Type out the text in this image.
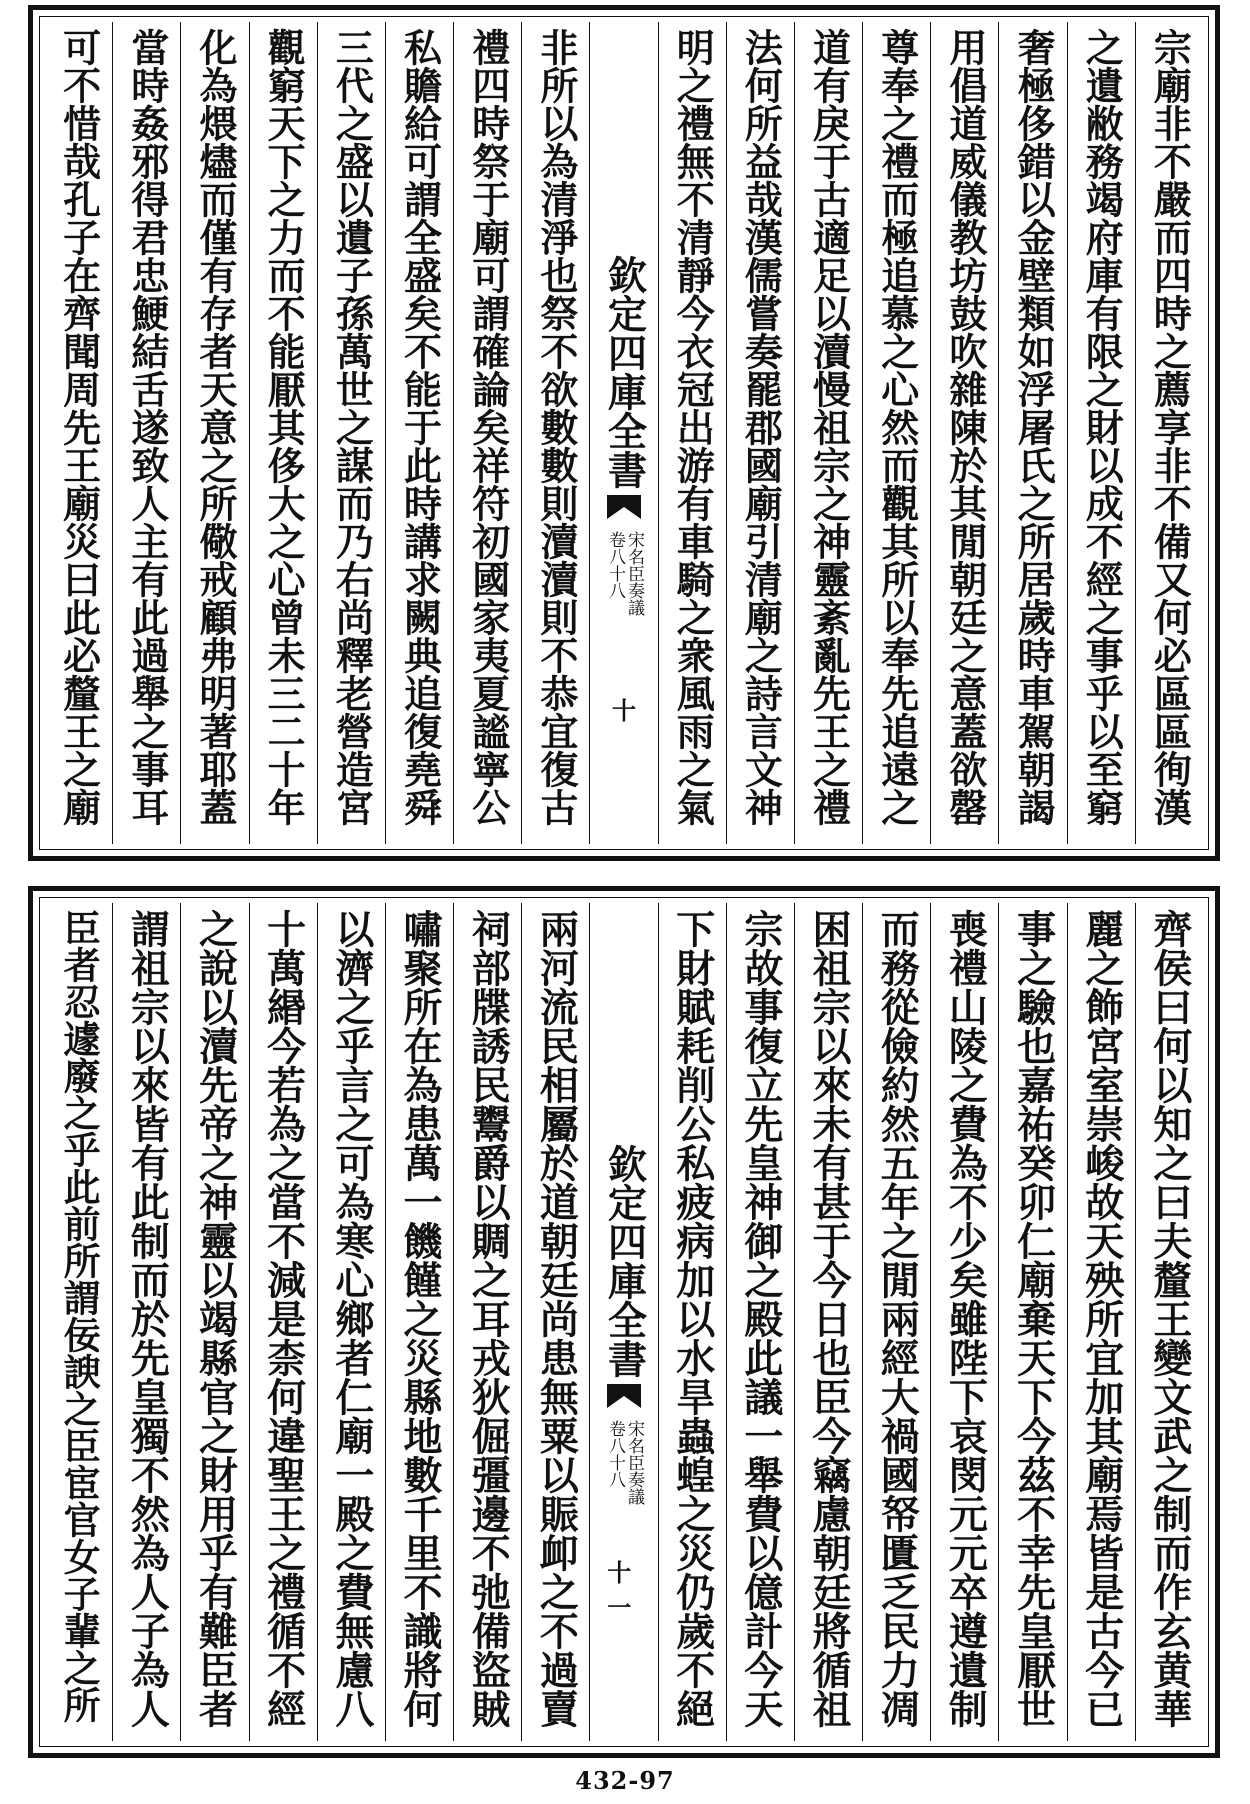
宗廟非不嚴而四時之薦享非不備又何必區區徇漢
之遺敝務竭府庫有限之財以成不經之事乎以至窮
奢極侈錯以金壁類如浮屠氏之所居歲時車駕朝謁
用倡道威儀教坊鼓吹雜陳於其閒朝廷之意蓋欲罄
尊奉之禮而極追慕之心然而觀其所以奉先追遠之
道有戾于古適足以瀆慢祖宗之神靈紊亂先王之禮
法何所益哉漢儒嘗奏罷郡國廟引清廟之詩言文神
明之禮無不清靜今衣冠出游有車騎之衆風雨之氣
欽定四庫全書
宋名臣奏議
卷八十八
十
非所以為清淨也祭不欲數數則瀆瀆則不恭宜復古
禮四時祭于廟可謂確論矣祥符初國家夷夏謐寧公
私贍給可謂全盛矣不能于此時講求闕典追復堯舜
三代之盛以遺子孫萬世之謀而乃右尚釋老營造宮
觀窮天下之力而不能厭其侈大之心曾未三二十年
化為煨燼而僅有存者天意之所儆戒顧弗明著耶蓋
當時姦邪得君忠鯁結舌遂致人主有此過舉之事耳
可不惜哉孔子在齊聞周先王廟災曰此必釐王之廟
齊侯曰何以知之曰夫釐王變文武之制而作玄黄華
麗之飾宮室崇峻故天殃所宜加其廟焉皆是古今已
事之驗也嘉祐癸卯仁廟棄天下今茲不幸先皇厭世
喪禮山陵之費為不少矣雖陛下哀閔元元卒遵遺制
而務從儉約然五年之閒兩經大禍國帑匱乏民力凋
困祖宗以來未有甚于今日也臣今竊慮朝廷將循祖
宗故事復立先皇神御之殿此議一舉費以億計今天
下財賦耗削公私疲病加以水旱蟲蝗之災仍歲不絕
欽定四庫全書
宋名臣奏議
卷八十八
十一
兩河流民相屬於道朝廷尚患無粟以賑卹之不過賣
祠部牒誘民鬻爵以賙之耳戎狄倔彊邊不弛備盜賊
嘯聚所在為患萬一饑饉之災縣地數千里不識將何
以濟之乎言之可為寒心鄉者仁廟一殿之費無慮八
十萬緡今若為之當不減是柰何違聖王之禮循不經
之說以瀆先帝之神靈以竭縣官之財用乎有難臣者
謂祖宗以來皆有此制而於先皇獨不然為人子為人
臣者忍遽廢之乎此前所謂佞諛之臣宦官女子輩之所
432-97
